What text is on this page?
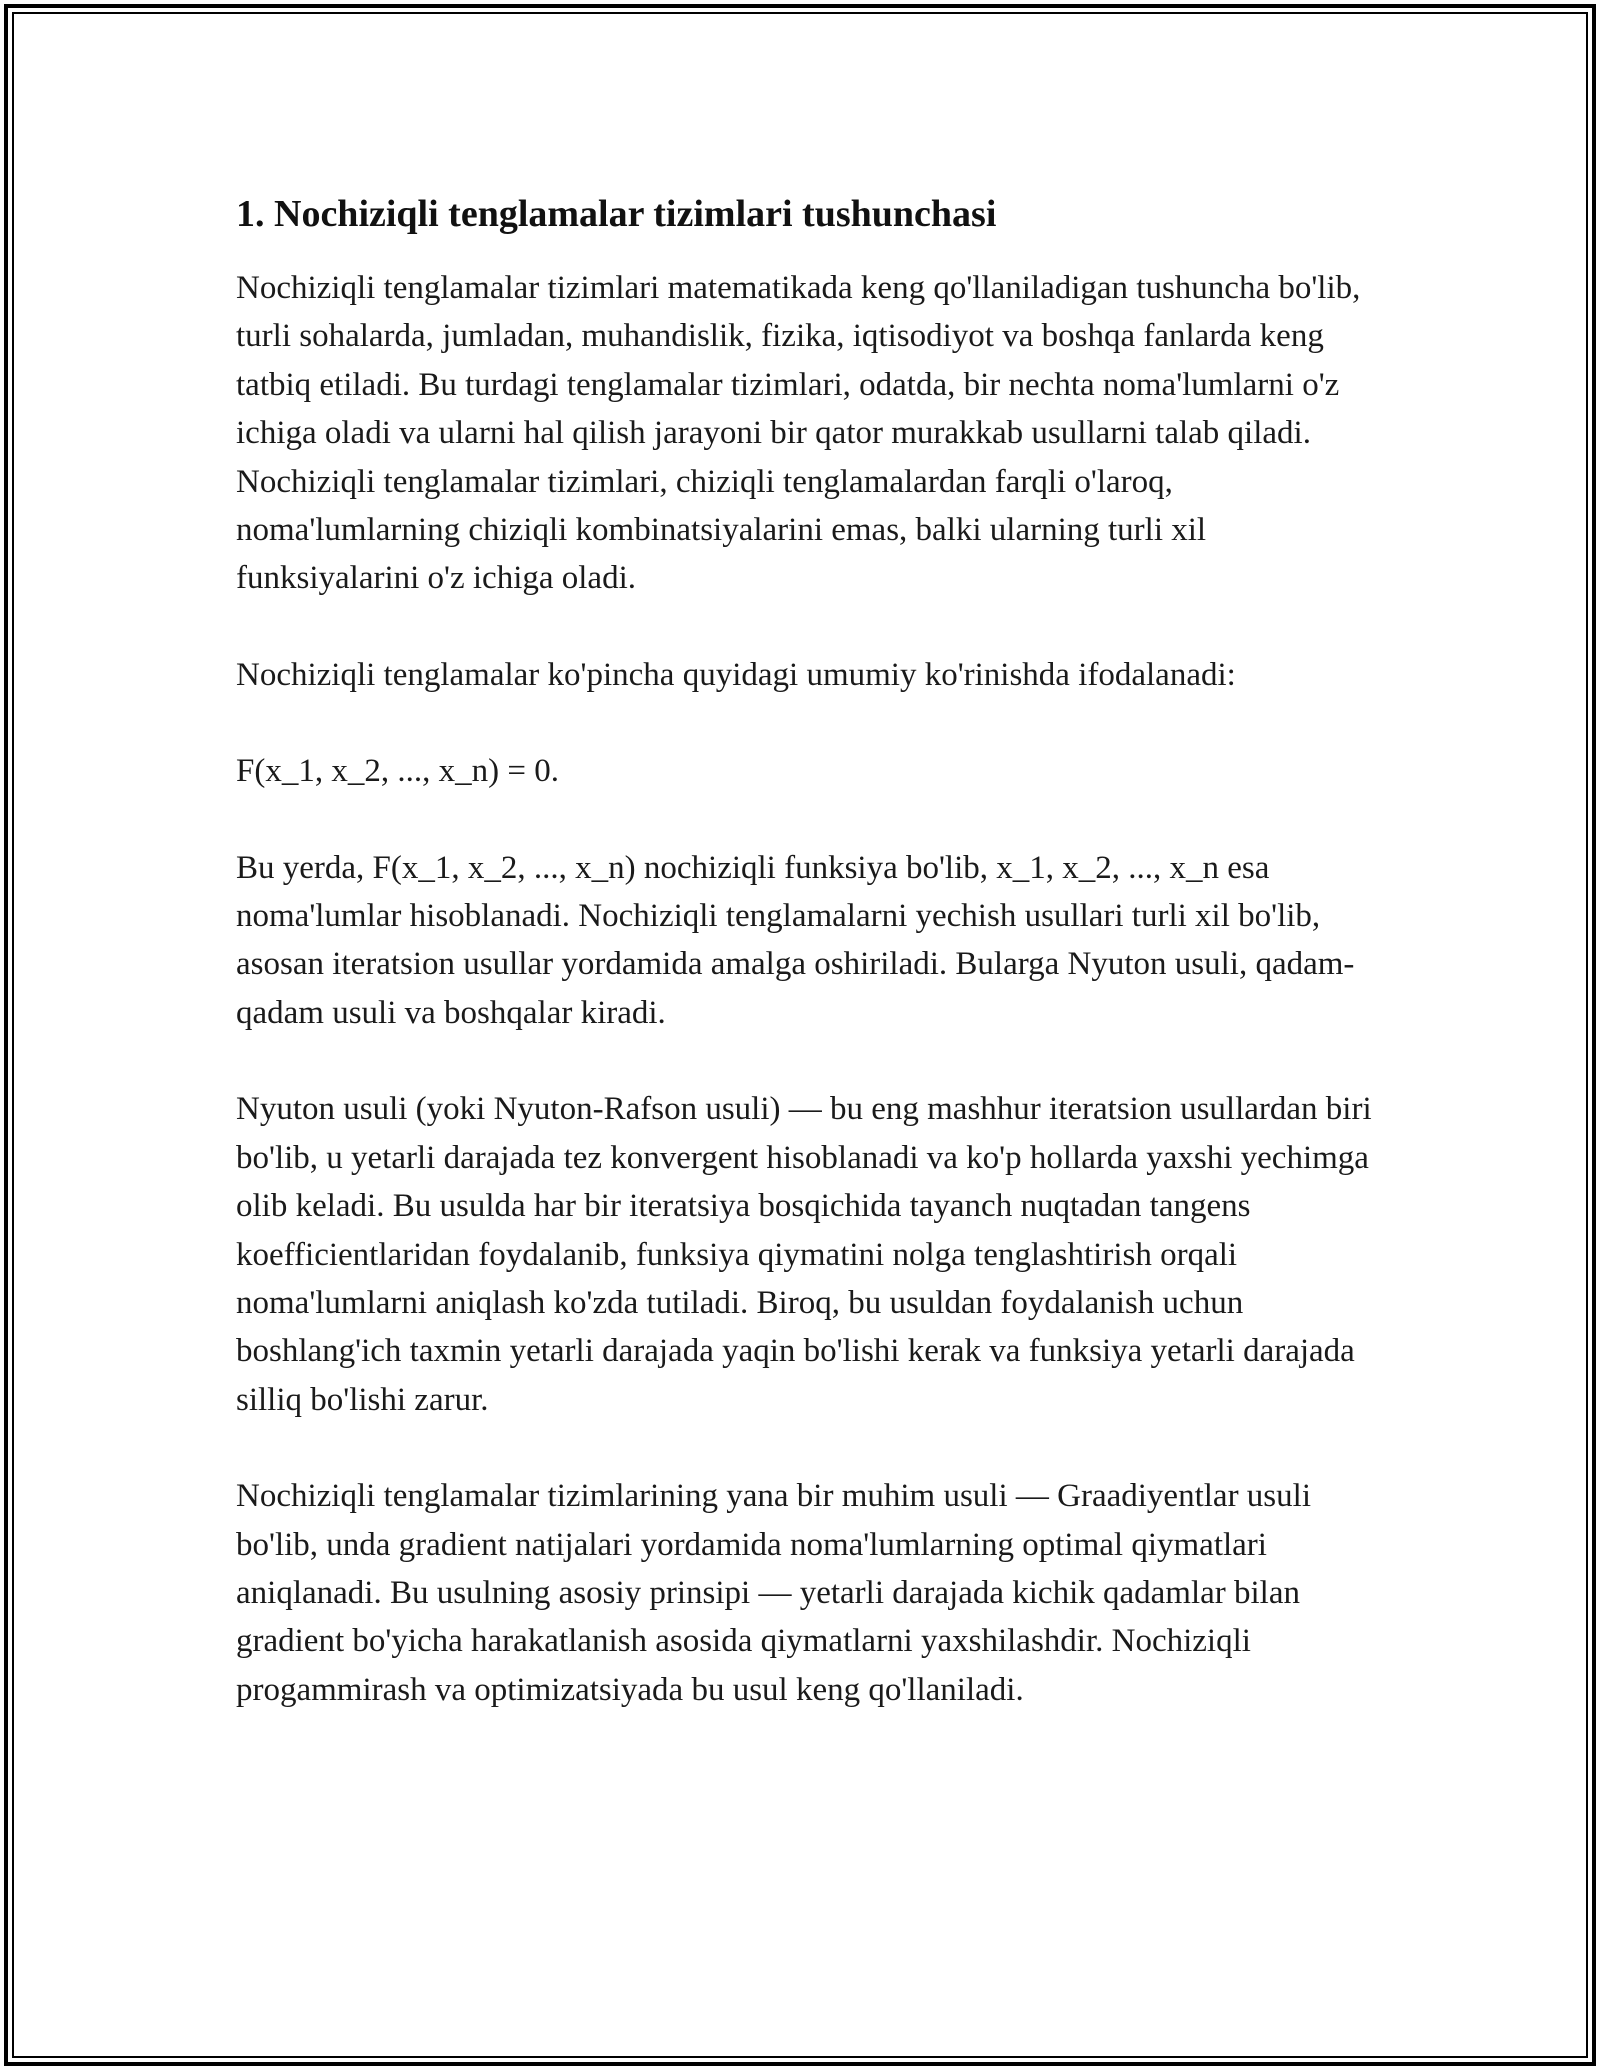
1. Nochiziqli tenglamalar tizimlari tushunchasi

Nochiziqli tenglamalar tizimlari matematikada keng qo'llaniladigan tushuncha bo'lib, turli sohalarda, jumladan, muhandislik, fizika, iqtisodiyot va boshqa fanlarda keng tatbiq etiladi. Bu turdagi tenglamalar tizimlari, odatda, bir nechta noma'lumlarni o'z ichiga oladi va ularni hal qilish jarayoni bir qator murakkab usullarni talab qiladi. Nochiziqli tenglamalar tizimlari, chiziqli tenglamalardan farqli o'laroq, noma'lumlarning chiziqli kombinatsiyalarini emas, balki ularning turli xil funksiyalarini o'z ichiga oladi.

Nochiziqli tenglamalar ko'pincha quyidagi umumiy ko'rinishda ifodalanadi:

F(x_1, x_2, ..., x_n) = 0.

Bu yerda, F(x_1, x_2, ..., x_n) nochiziqli funksiya bo'lib, x_1, x_2, ..., x_n esa noma'lumlar hisoblanadi. Nochiziqli tenglamalarni yechish usullari turli xil bo'lib, asosan iteratsion usullar yordamida amalga oshiriladi. Bularga Nyuton usuli, qadam-qadam usuli va boshqalar kiradi.

Nyuton usuli (yoki Nyuton-Rafson usuli) — bu eng mashhur iteratsion usullardan biri bo'lib, u yetarli darajada tez konvergent hisoblanadi va ko'p hollarda yaxshi yechimga olib keladi. Bu usulda har bir iteratsiya bosqichida tayanch nuqtadan tangens koefficientlaridan foydalanib, funksiya qiymatini nolga tenglashtirish orqali noma'lumlarni aniqlash ko'zda tutiladi. Biroq, bu usuldan foydalanish uchun boshlang'ich taxmin yetarli darajada yaqin bo'lishi kerak va funksiya yetarli darajada silliq bo'lishi zarur.

Nochiziqli tenglamalar tizimlarining yana bir muhim usuli — Graadiyentlar usuli bo'lib, unda gradient natijalari yordamida noma'lumlarning optimal qiymatlari aniqlanadi. Bu usulning asosiy prinsipi — yetarli darajada kichik qadamlar bilan gradient bo'yicha harakatlanish asosida qiymatlarni yaxshilashdir. Nochiziqli progammirash va optimizatsiyada bu usul keng qo'llaniladi.
